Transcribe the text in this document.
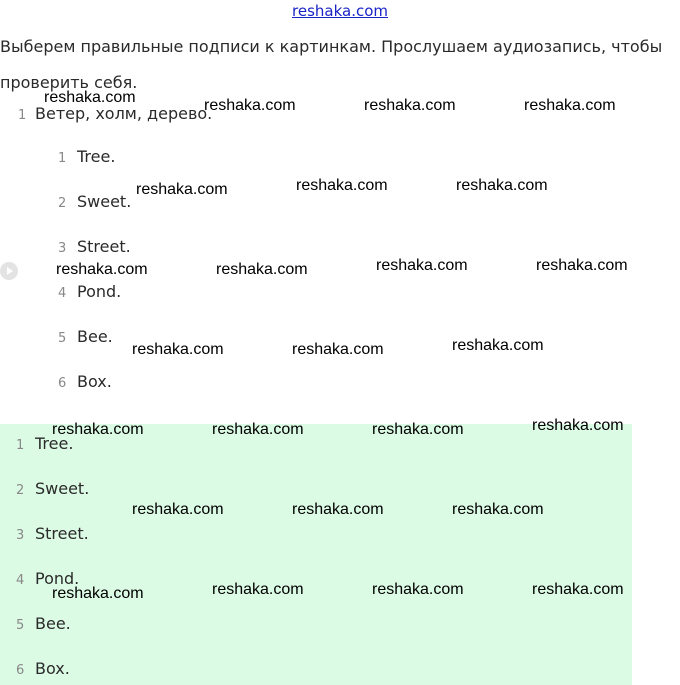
reshaka.com
Выберем правильные подписи к картинкам. Прослушаем аудиозапись, чтобы проверить себя.
1 Ветер, холм, дерево.
1 Tree.
2 Sweet.
3 Street.
4 Pond.
5 Bee.
6 Box.
1 Tree.
2 Sweet.
3 Street.
4 Pond.
5 Bee.
6 Box.
reshaka.com	reshaka.com	reshaka.com	reshaka.com
reshaka.com	reshaka.com	reshaka.com
reshaka.com	reshaka.com	reshaka.com	reshaka.com
reshaka.com	reshaka.com	reshaka.com
reshaka.com	reshaka.com	reshaka.com	reshaka.com
reshaka.com	reshaka.com	reshaka.com
reshaka.com	reshaka.com	reshaka.com	reshaka.com
